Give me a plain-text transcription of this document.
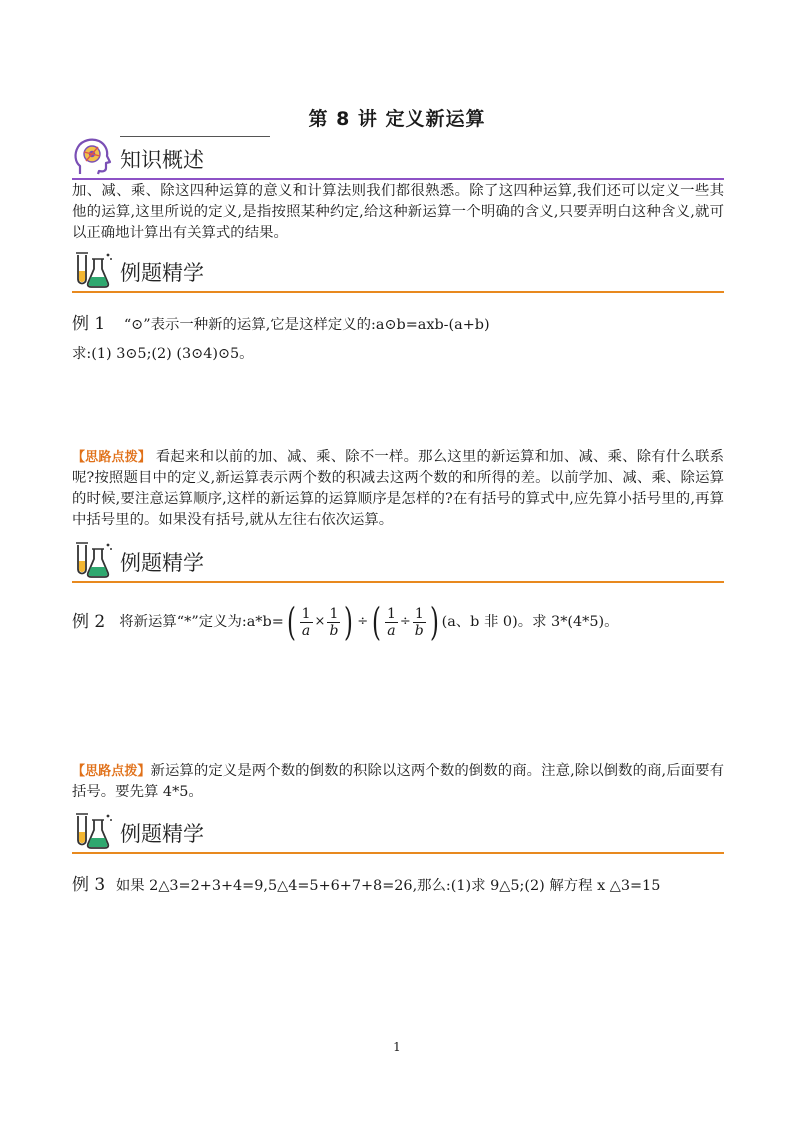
第 8 讲 定义新运算
知识概述
加、减、乘、除这四种运算的意义和计算法则我们都很熟悉。除了这四种运算,我们还可以定义一些其他的运算,这里所说的定义,是指按照某种约定,给这种新运算一个明确的含义,只要弄明白这种含义,就可以正确地计算出有关算式的结果。
例题精学
例 1 “⊙”表示一种新的运算,它是这样定义的:a⊙b=axb-(a+b)
求:(1) 3⊙5;(2) (3⊙4)⊙5。
【思路点拨】 看起来和以前的加、减、乘、除不一样。那么这里的新运算和加、减、乘、除有什么联系呢?按照题目中的定义,新运算表示两个数的积减去这两个数的和所得的差。以前学加、减、乘、除运算的时候,要注意运算顺序,这样的新运算的运算顺序是怎样的?在有括号的算式中,应先算小括号里的,再算中括号里的。如果没有括号,就从左往右依次运算。
例题精学
例 2 将新运算“*”定义为:a*b= ( $\frac{1}{a} \times \frac{1}{b}$ ) ÷ ( $\frac{1}{a} \div \frac{1}{b}$ ) (a、b 非 0)。求 3*(4*5)。
【思路点拨】新运算的定义是两个数的倒数的积除以这两个数的倒数的商。注意,除以倒数的商,后面要有括号。要先算 4*5。
例题精学
例 3 如果 2△3=2+3+4=9,5△4=5+6+7+8=26,那么:(1)求 9△5;(2) 解方程 x △3=15
1
